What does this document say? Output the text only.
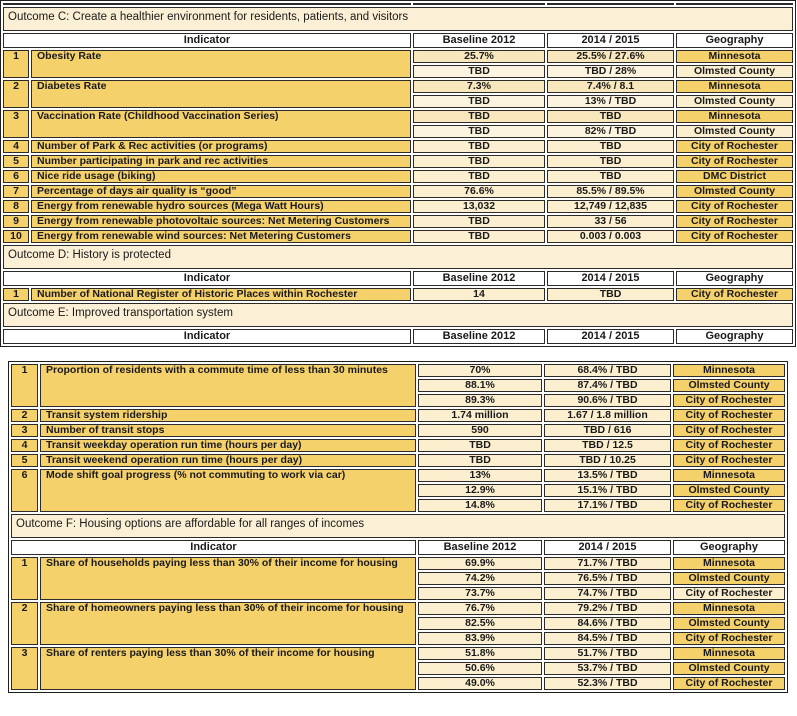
Outcome C: Create a healthier environment for residents, patients, and visitors				
Indicator		Baseline 2012	2014 / 2015	Geography
1	Obesity Rate	25.7%	25.5% / 27.6%	Minnesota
		TBD	TBD / 28%	Olmsted County
2	Diabetes Rate	7.3%	7.4% / 8.1	Minnesota
		TBD	13% / TBD	Olmsted County
3	Vaccination Rate (Childhood Vaccination Series)	TBD	TBD	Minnesota
		TBD	82% / TBD	Olmsted County
4	Number of Park & Rec activities (or programs)	TBD	TBD	City of Rochester
5	Number participating in park and rec activities	TBD	TBD	City of Rochester
6	Nice ride usage (biking)	TBD	TBD	DMC District
7	Percentage of days air quality is “good”	76.6%	85.5% / 89.5%	Olmsted County
8	Energy from renewable hydro sources (Mega Watt Hours)	13,032	12,749 / 12,835	City of Rochester
9	Energy from renewable photovoltaic sources: Net Metering Customers	TBD	33 / 56	City of Rochester
10	Energy from renewable wind sources: Net Metering Customers	TBD	0.003 / 0.003	City of Rochester
Outcome D: History is protected				
Indicator		Baseline 2012	2014 / 2015	Geography
1	Number of National Register of Historic Places within Rochester	14	TBD	City of Rochester
Outcome E: Improved transportation system				
Indicator		Baseline 2012	2014 / 2015	Geography
1	Proportion of residents with a commute time of less than 30 minutes	70%	68.4% / TBD	Minnesota
		88.1%	87.4% / TBD	Olmsted County
		89.3%	90.6% / TBD	City of Rochester
2	Transit system ridership	1.74 million	1.67 / 1.8 million	City of Rochester
3	Number of transit stops	590	TBD / 616	City of Rochester
4	Transit weekday operation run time (hours per day)	TBD	TBD / 12.5	City of Rochester
5	Transit weekend operation run time (hours per day)	TBD	TBD / 10.25	City of Rochester
6	Mode shift goal progress (% not commuting to work via car)	13%	13.5% / TBD	Minnesota
		12.9%	15.1% / TBD	Olmsted County
		14.8%	17.1% / TBD	City of Rochester
Outcome F: Housing options are affordable for all ranges of incomes				
Indicator		Baseline 2012	2014 / 2015	Geography
1	Share of households paying less than 30% of their income for housing	69.9%	71.7% / TBD	Minnesota
		74.2%	76.5% / TBD	Olmsted County
		73.7%	74.7% / TBD	City of Rochester
2	Share of homeowners paying less than 30% of their income for housing	76.7%	79.2% / TBD	Minnesota
		82.5%	84.6% / TBD	Olmsted County
		83.9%	84.5% / TBD	City of Rochester
3	Share of renters paying less than 30% of their income for housing	51.8%	51.7% / TBD	Minnesota
		50.6%	53.7% / TBD	Olmsted County
		49.0%	52.3% / TBD	City of Rochester
